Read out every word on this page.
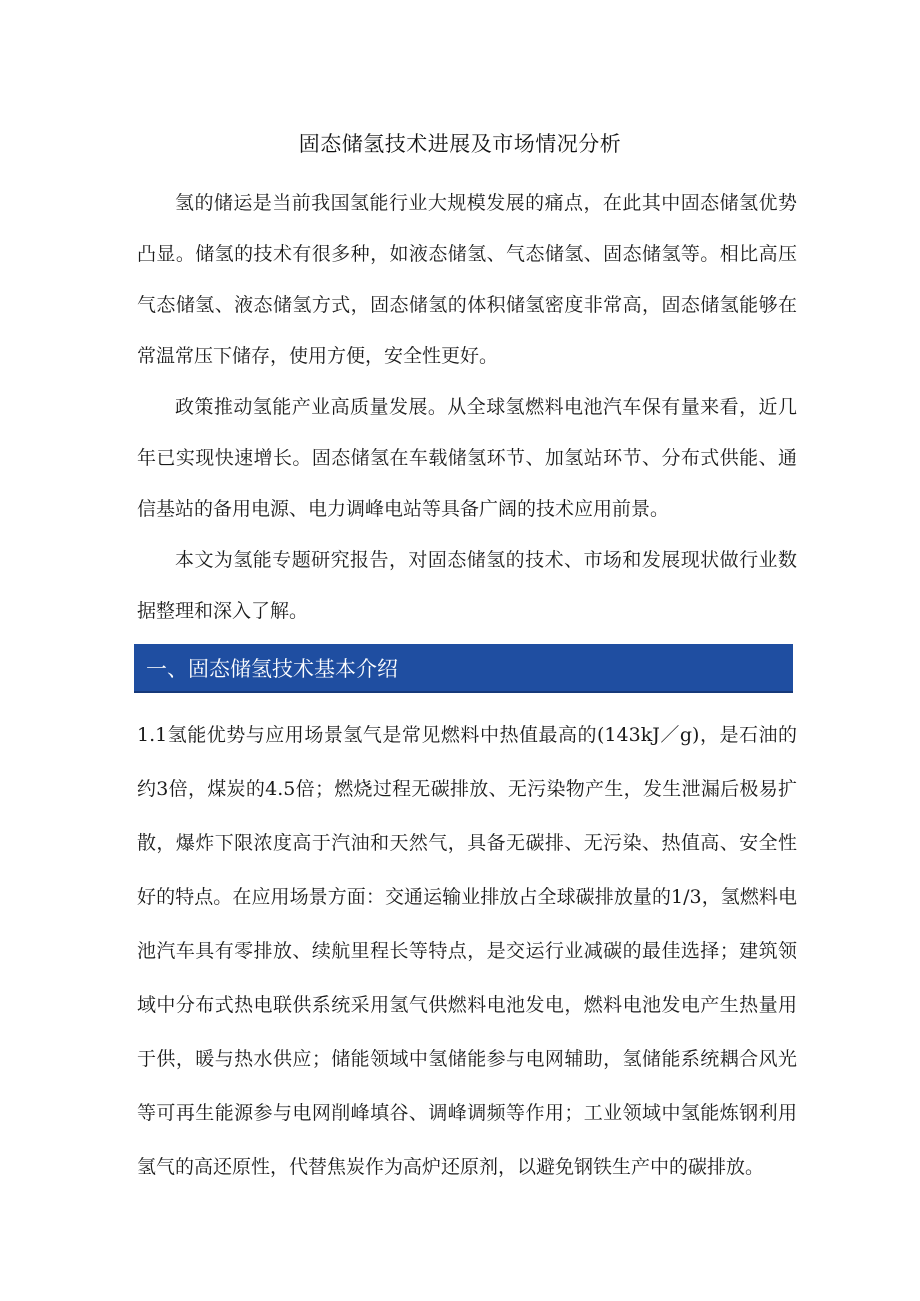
固态储氢技术进展及市场情况分析

氢的储运是当前我国氢能行业大规模发展的痛点，在此其中固态储氢优势凸显。储氢的技术有很多种，如液态储氢、气态储氢、固态储氢等。相比高压气态储氢、液态储氢方式，固态储氢的体积储氢密度非常高，固态储氢能够在常温常压下储存，使用方便，安全性更好。

政策推动氢能产业高质量发展。从全球氢燃料电池汽车保有量来看，近几年已实现快速增长。固态储氢在车载储氢环节、加氢站环节、分布式供能、通信基站的备用电源、电力调峰电站等具备广阔的技术应用前景。

本文为氢能专题研究报告，对固态储氢的技术、市场和发展现状做行业数据整理和深入了解。

一、固态储氢技术基本介绍

1.1氢能优势与应用场景氢气是常见燃料中热值最高的(143kJ／g)，是石油的约3倍，煤炭的4.5倍；燃烧过程无碳排放、无污染物产生，发生泄漏后极易扩散，爆炸下限浓度高于汽油和天然气，具备无碳排、无污染、热值高、安全性好的特点。在应用场景方面：交通运输业排放占全球碳排放量的1/3，氢燃料电池汽车具有零排放、续航里程长等特点，是交运行业减碳的最佳选择；建筑领域中分布式热电联供系统采用氢气供燃料电池发电，燃料电池发电产生热量用于供，暖与热水供应；储能领域中氢储能参与电网辅助，氢储能系统耦合风光等可再生能源参与电网削峰填谷、调峰调频等作用；工业领域中氢能炼钢利用氢气的高还原性，代替焦炭作为高炉还原剂，以避免钢铁生产中的碳排放。
